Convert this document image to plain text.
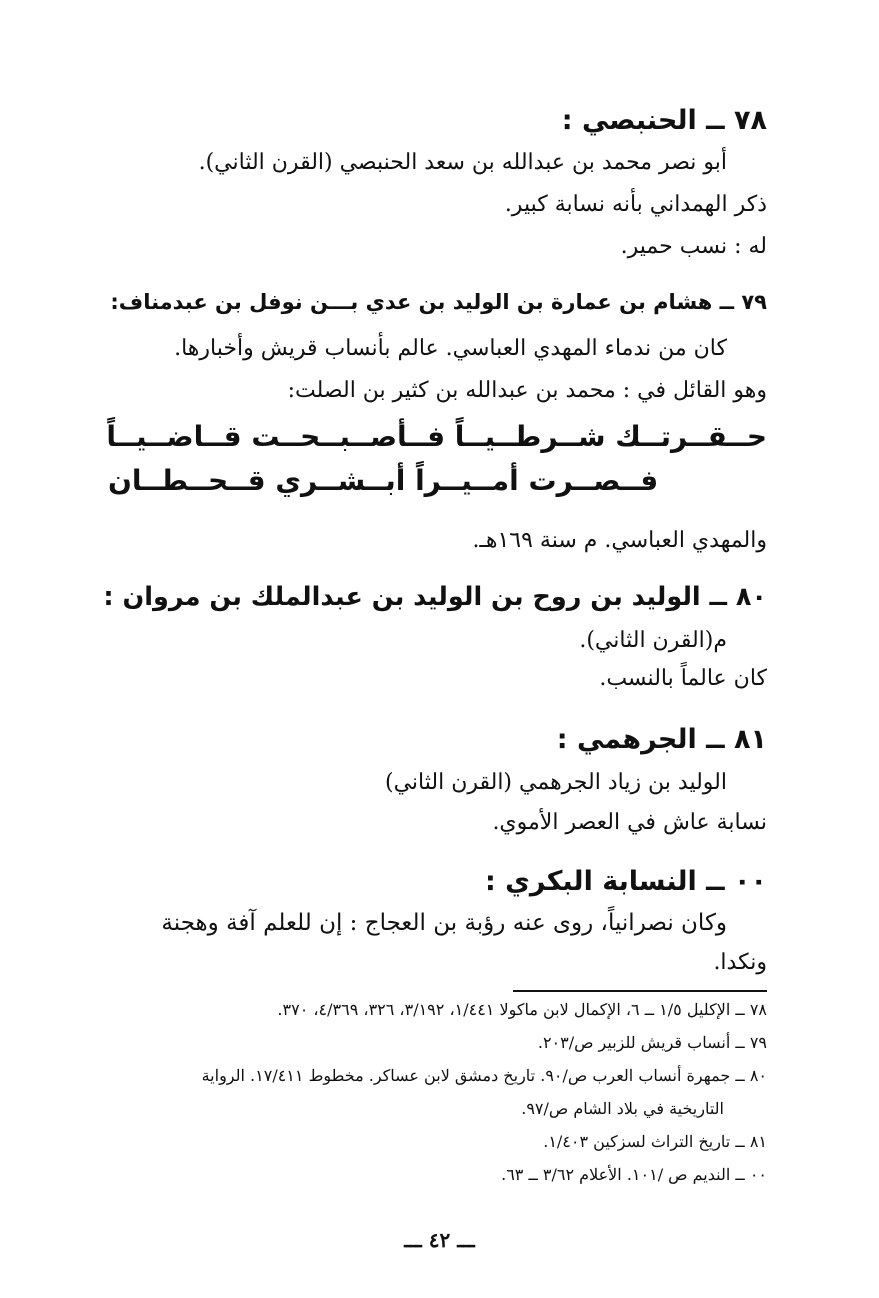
٧٨ ــ الحنبصي :
أبو نصر محمد بن عبدالله بن سعد الحنبصي (القرن الثاني).
ذكر الهمداني بأنه نسابة كبير.
له : نسب حمير.
٧٩ ــ هشام بن عمارة بن الوليد بن عدي بـــن نوفل بن عبدمناف:
كان من ندماء المهدي العباسي. عالم بأنساب قريش وأخبارها.
وهو القائل في : محمد بن عبدالله بن كثير بن الصلت:
حــقــرتــك شــرطــيــاً فــأصــبــحــت قــاضــيــاً
فــصــرت أمــيــراً أبــشــري قــحــطــان
والمهدي العباسي. م سنة ١٦٩هـ.
٨٠ ــ الوليد بن روح بن الوليد بن عبدالملك بن مروان :
م(القرن الثاني).
كان عالماً بالنسب.
٨١ ــ الجرهمي :
الوليد بن زياد الجرهمي (القرن الثاني)
نسابة عاش في العصر الأموي.
٠٠ ــ النسابة البكري :
وكان نصرانياً، روى عنه رؤبة بن العجاج : إن للعلم آفة وهجنة
ونكدا.
٧٨ ــ الإكليل ١/٥ ــ ٦، الإكمال لابن ماكولا ١/٤٤١، ٣/١٩٢، ٣٢٦، ٤/٣٦٩، ٣٧٠.
٧٩ ــ أنساب قريش للزبير ص/٢٠٣.
٨٠ ــ جمهرة أنساب العرب ص/٩٠. تاريخ دمشق لابن عساكر. مخطوط ١٧/٤١١. الرواية
التاريخية في بلاد الشام ص/٩٧.
٨١ ــ تاريخ التراث لسزكين ١/٤٠٣.
٠٠ ــ النديم ص /١٠١. الأعلام ٣/٦٢ ــ ٦٣.
ـــ ٤٢ ـــ
